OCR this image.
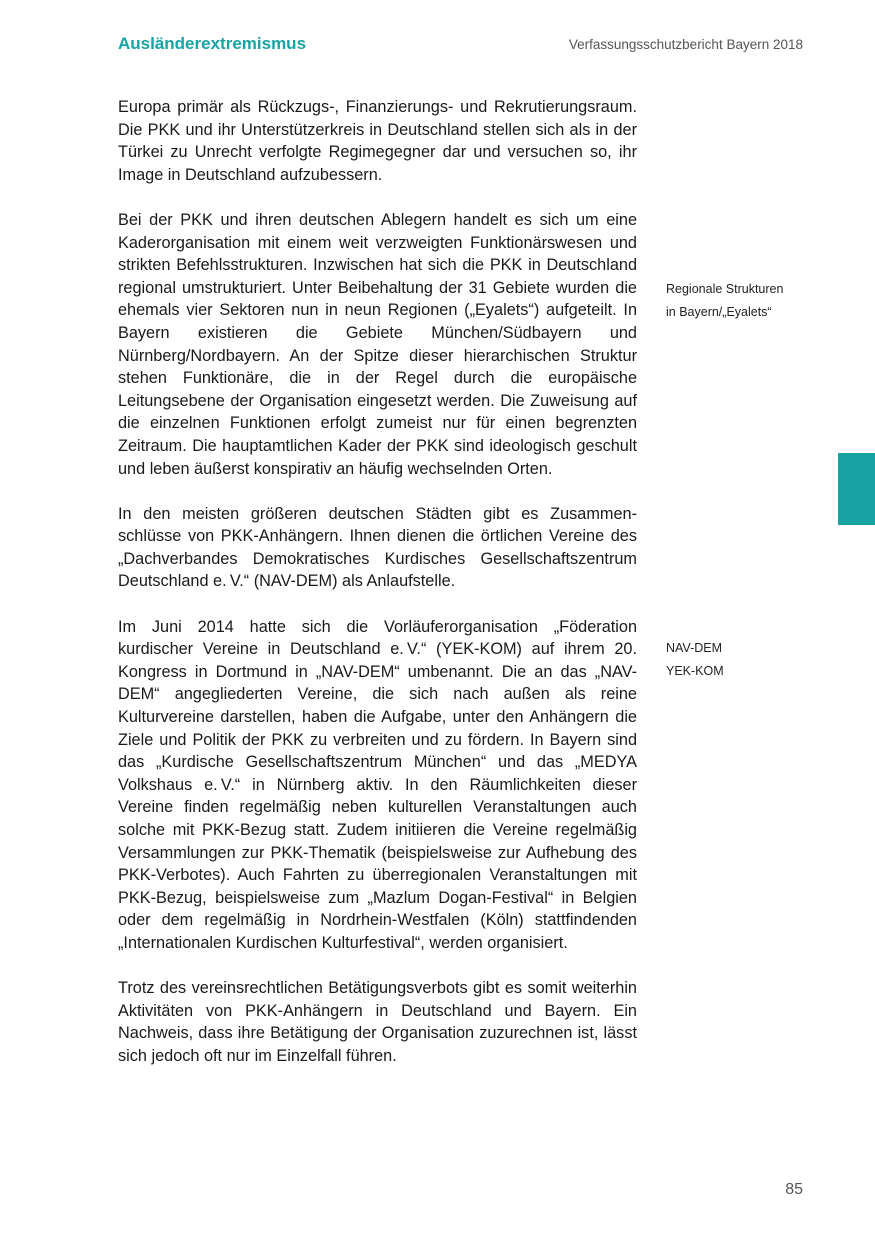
Ausländerextremismus	Verfassungsschutzbericht Bayern 2018

Europa primär als Rückzugs-, Finanzierungs- und Rekrutierungsraum. Die PKK und ihr Unterstützerkreis in Deutschland stellen sich als in der Türkei zu Unrecht verfolgte Regimegegner dar und versuchen so, ihr Image in Deutschland aufzubessern.

Bei der PKK und ihren deutschen Ablegern handelt es sich um eine Kaderorganisation mit einem weit verzweigten Funktionärswesen und strikten Befehlsstrukturen. Inzwischen hat sich die PKK in Deutschland regional umstrukturiert. Unter Beibehaltung der 31 Gebiete wurden die ehemals vier Sektoren nun in neun Regionen („Eyalets“) aufgeteilt. In Bayern existieren die Gebiete München/Südbayern und Nürnberg/Nordbayern. An der Spitze dieser hierarchischen Struktur stehen Funktionäre, die in der Regel durch die europäische Leitungsebene der Organisation eingesetzt werden. Die Zuweisung auf die einzelnen Funktionen erfolgt zumeist nur für einen begrenzten Zeitraum. Die hauptamtlichen Kader der PKK sind ideologisch geschult und leben äußerst konspirativ an häufig wechselnden Orten.

In den meisten größeren deutschen Städten gibt es Zusammenschlüsse von PKK-Anhängern. Ihnen dienen die örtlichen Vereine des „Dachverbandes Demokratisches Kurdisches Gesellschaftszentrum Deutschland e. V.“ (NAV-DEM) als Anlaufstelle.

Im Juni 2014 hatte sich die Vorläuferorganisation „Föderation kurdischer Vereine in Deutschland e. V.“ (YEK-KOM) auf ihrem 20. Kongress in Dortmund in „NAV-DEM“ umbenannt. Die an das „NAV-DEM“ angegliederten Vereine, die sich nach außen als reine Kulturvereine darstellen, haben die Aufgabe, unter den Anhängern die Ziele und Politik der PKK zu verbreiten und zu fördern. In Bayern sind das „Kurdische Gesellschaftszentrum München“ und das „MEDYA Volkshaus e. V.“ in Nürnberg aktiv. In den Räumlichkeiten dieser Vereine finden regelmäßig neben kulturellen Veranstaltungen auch solche mit PKK-Bezug statt. Zudem initiieren die Vereine regelmäßig Versammlungen zur PKK-Thematik (beispielsweise zur Aufhebung des PKK-Verbotes). Auch Fahrten zu überregionalen Veranstaltungen mit PKK-Bezug, beispielsweise zum „Mazlum Dogan-Festival“ in Belgien oder dem regelmäßig in Nordrhein-Westfalen (Köln) stattfindenden „Internationalen Kurdischen Kulturfestival“, werden organisiert.

Trotz des vereinsrechtlichen Betätigungsverbots gibt es somit weiterhin Aktivitäten von PKK-Anhängern in Deutschland und Bayern. Ein Nachweis, dass ihre Betätigung der Organisation zuzurechnen ist, lässt sich jedoch oft nur im Einzelfall führen.

Regionale Strukturen
in Bayern/„Eyalets“
NAV-DEM
YEK-KOM
85
